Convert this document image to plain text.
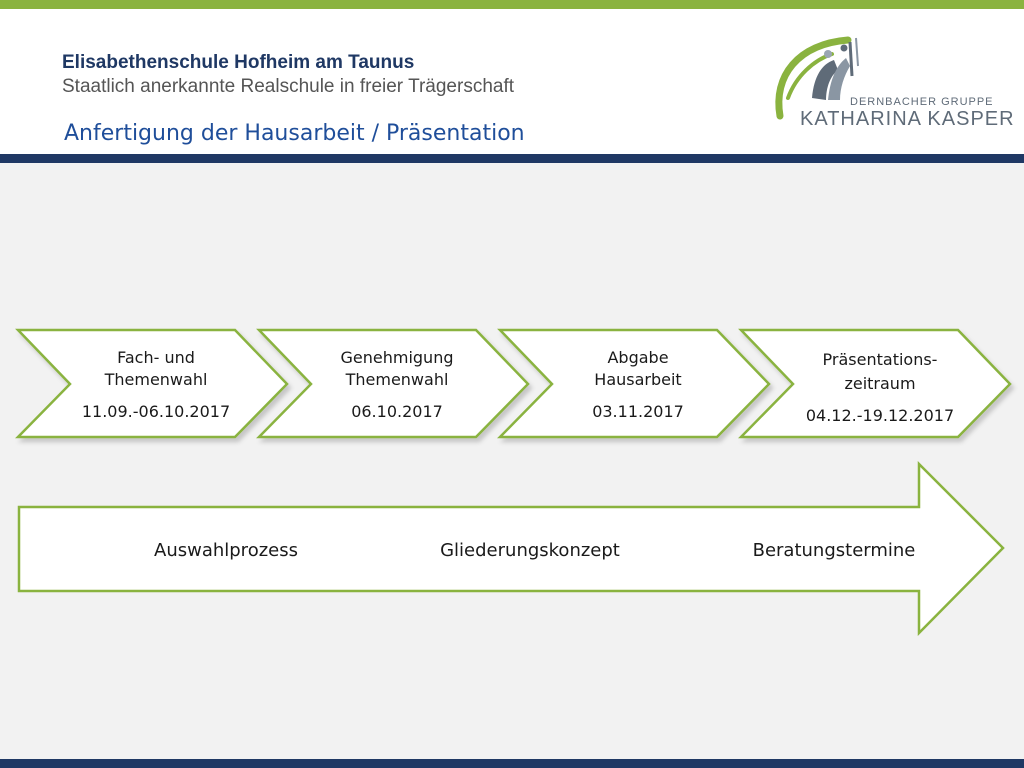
Elisabethenschule Hofheim am Taunus
Staatlich anerkannte Realschule in freier Trägerschaft
Anfertigung der Hausarbeit / Präsentation
DERNBACHER GRUPPE
KATHARINA KASPER
Fach- und
Themenwahl
11.09.-06.10.2017
Genehmigung
Themenwahl
06.10.2017
Abgabe
Hausarbeit
03.11.2017
Präsentations-
zeitraum
04.12.-19.12.2017
Auswahlprozess	Gliederungskonzept	Beratungstermine
